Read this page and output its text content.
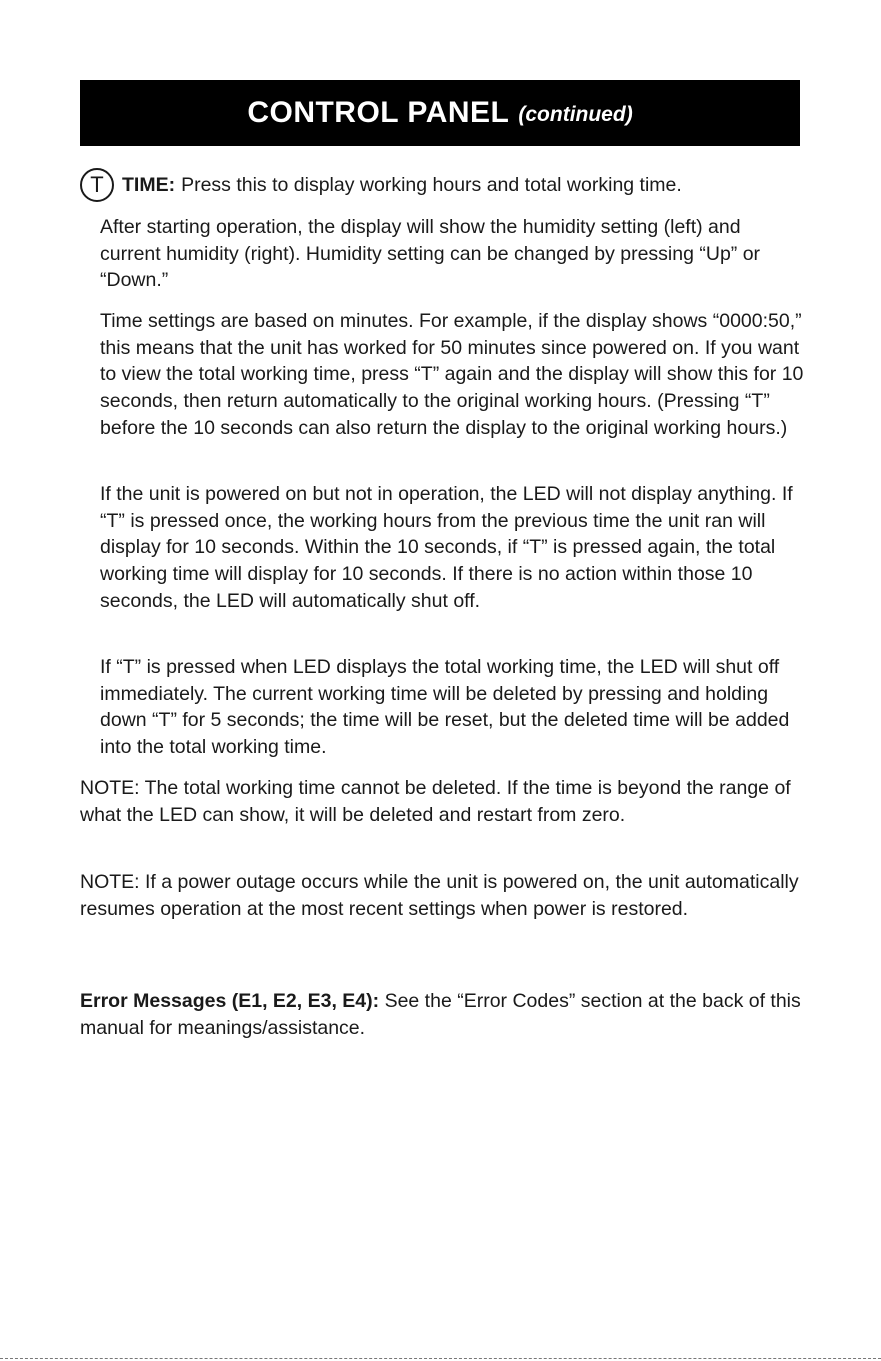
CONTROL PANEL (continued)
T TIME: Press this to display working hours and total working time.

After starting operation, the display will show the humidity setting (left) and current humidity (right). Humidity setting can be changed by pressing “Up” or “Down.”

Time settings are based on minutes. For example, if the display shows “0000:50,” this means that the unit has worked for 50 minutes since powered on. If you want to view the total working time, press “T” again and the display will show this for 10 seconds, then return automatically to the original working hours. (Pressing “T” before the 10 seconds can also return the display to the original working hours.)

If the unit is powered on but not in operation, the LED will not display anything. If “T” is pressed once, the working hours from the previous time the unit ran will display for 10 seconds. Within the 10 seconds, if “T” is pressed again, the total working time will display for 10 seconds. If there is no action within those 10 seconds, the LED will automatically shut off.

If “T” is pressed when LED displays the total working time, the LED will shut off immediately. The current working time will be deleted by pressing and holding down “T” for 5 seconds; the time will be reset, but the deleted time will be added into the total working time.

NOTE: The total working time cannot be deleted. If the time is beyond the range of what the LED can show, it will be deleted and restart from zero.

NOTE: If a power outage occurs while the unit is powered on, the unit automatically resumes operation at the most recent settings when power is restored.

Error Messages (E1, E2, E3, E4): See the “Error Codes” section at the back of this manual for meanings/assistance.
